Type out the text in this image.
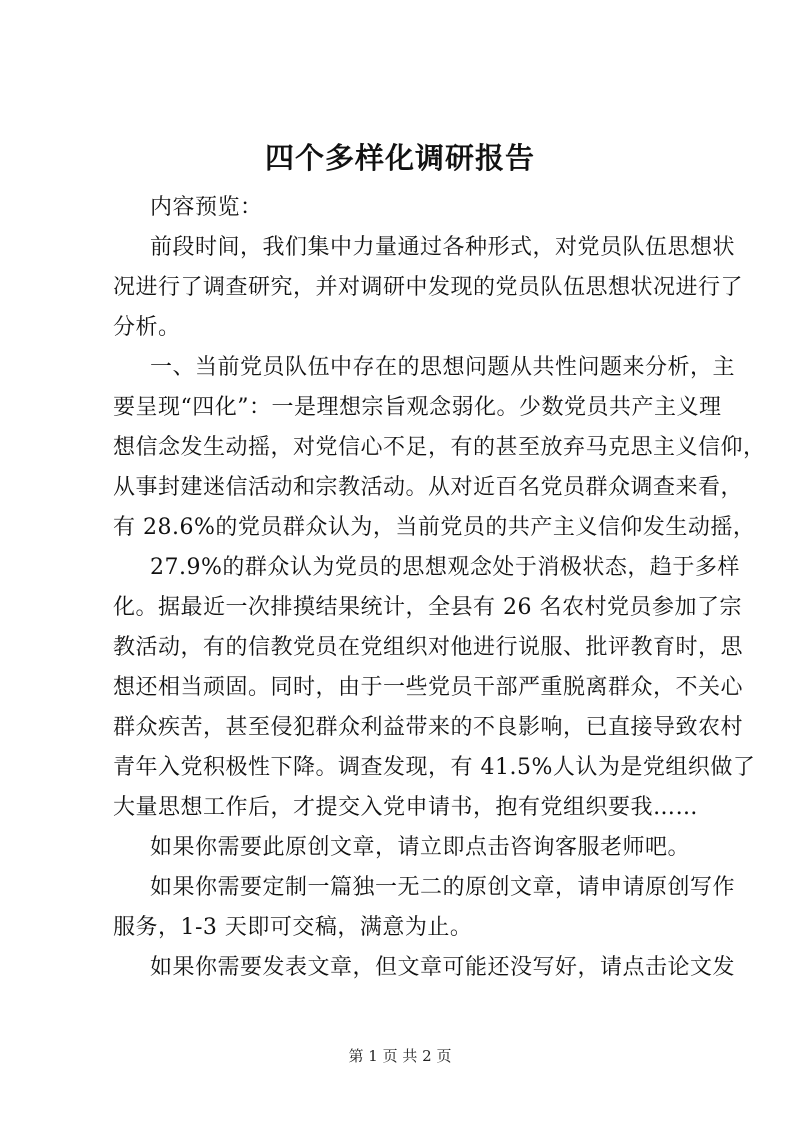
四个多样化调研报告

内容预览：

前段时间，我们集中力量通过各种形式，对党员队伍思想状

况进行了调查研究，并对调研中发现的党员队伍思想状况进行了

分析。

一、当前党员队伍中存在的思想问题从共性问题来分析，主

要呈现“四化”：一是理想宗旨观念弱化。少数党员共产主义理

想信念发生动摇，对党信心不足，有的甚至放弃马克思主义信仰，

从事封建迷信活动和宗教活动。从对近百名党员群众调查来看，

有 28.6%的党员群众认为，当前党员的共产主义信仰发生动摇，

27.9%的群众认为党员的思想观念处于消极状态，趋于多样

化。据最近一次排摸结果统计，全县有 26 名农村党员参加了宗

教活动，有的信教党员在党组织对他进行说服、批评教育时，思

想还相当顽固。同时，由于一些党员干部严重脱离群众，不关心

群众疾苦，甚至侵犯群众利益带来的不良影响，已直接导致农村

青年入党积极性下降。调查发现，有 41.5%人认为是党组织做了

大量思想工作后，才提交入党申请书，抱有党组织要我……

如果你需要此原创文章，请立即点击咨询客服老师吧。

如果你需要定制一篇独一无二的原创文章，请申请原创写作

服务，1-3 天即可交稿，满意为止。

如果你需要发表文章，但文章可能还没写好，请点击论文发

第 1 页 共 2 页
